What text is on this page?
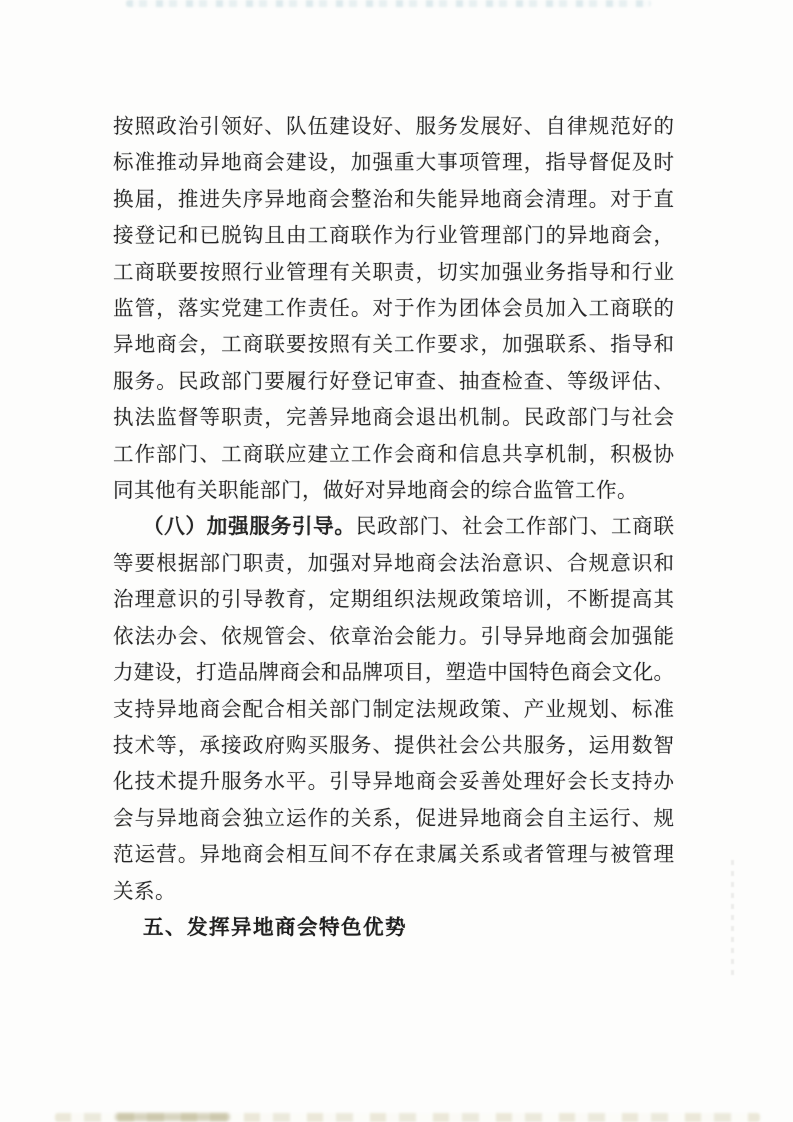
按照政治引领好、队伍建设好、服务发展好、自律规范好的
标准推动异地商会建设，加强重大事项管理，指导督促及时
换届，推进失序异地商会整治和失能异地商会清理。对于直
接登记和已脱钩且由工商联作为行业管理部门的异地商会，
工商联要按照行业管理有关职责，切实加强业务指导和行业
监管，落实党建工作责任。对于作为团体会员加入工商联的
异地商会，工商联要按照有关工作要求，加强联系、指导和
服务。民政部门要履行好登记审查、抽查检查、等级评估、
执法监督等职责，完善异地商会退出机制。民政部门与社会
工作部门、工商联应建立工作会商和信息共享机制，积极协
同其他有关职能部门，做好对异地商会的综合监管工作。
（八）加强服务引导。民政部门、社会工作部门、工商联
等要根据部门职责，加强对异地商会法治意识、合规意识和
治理意识的引导教育，定期组织法规政策培训，不断提高其
依法办会、依规管会、依章治会能力。引导异地商会加强能
力建设，打造品牌商会和品牌项目，塑造中国特色商会文化。
支持异地商会配合相关部门制定法规政策、产业规划、标准
技术等，承接政府购买服务、提供社会公共服务，运用数智
化技术提升服务水平。引导异地商会妥善处理好会长支持办
会与异地商会独立运作的关系，促进异地商会自主运行、规
范运营。异地商会相互间不存在隶属关系或者管理与被管理
关系。
五、发挥异地商会特色优势
